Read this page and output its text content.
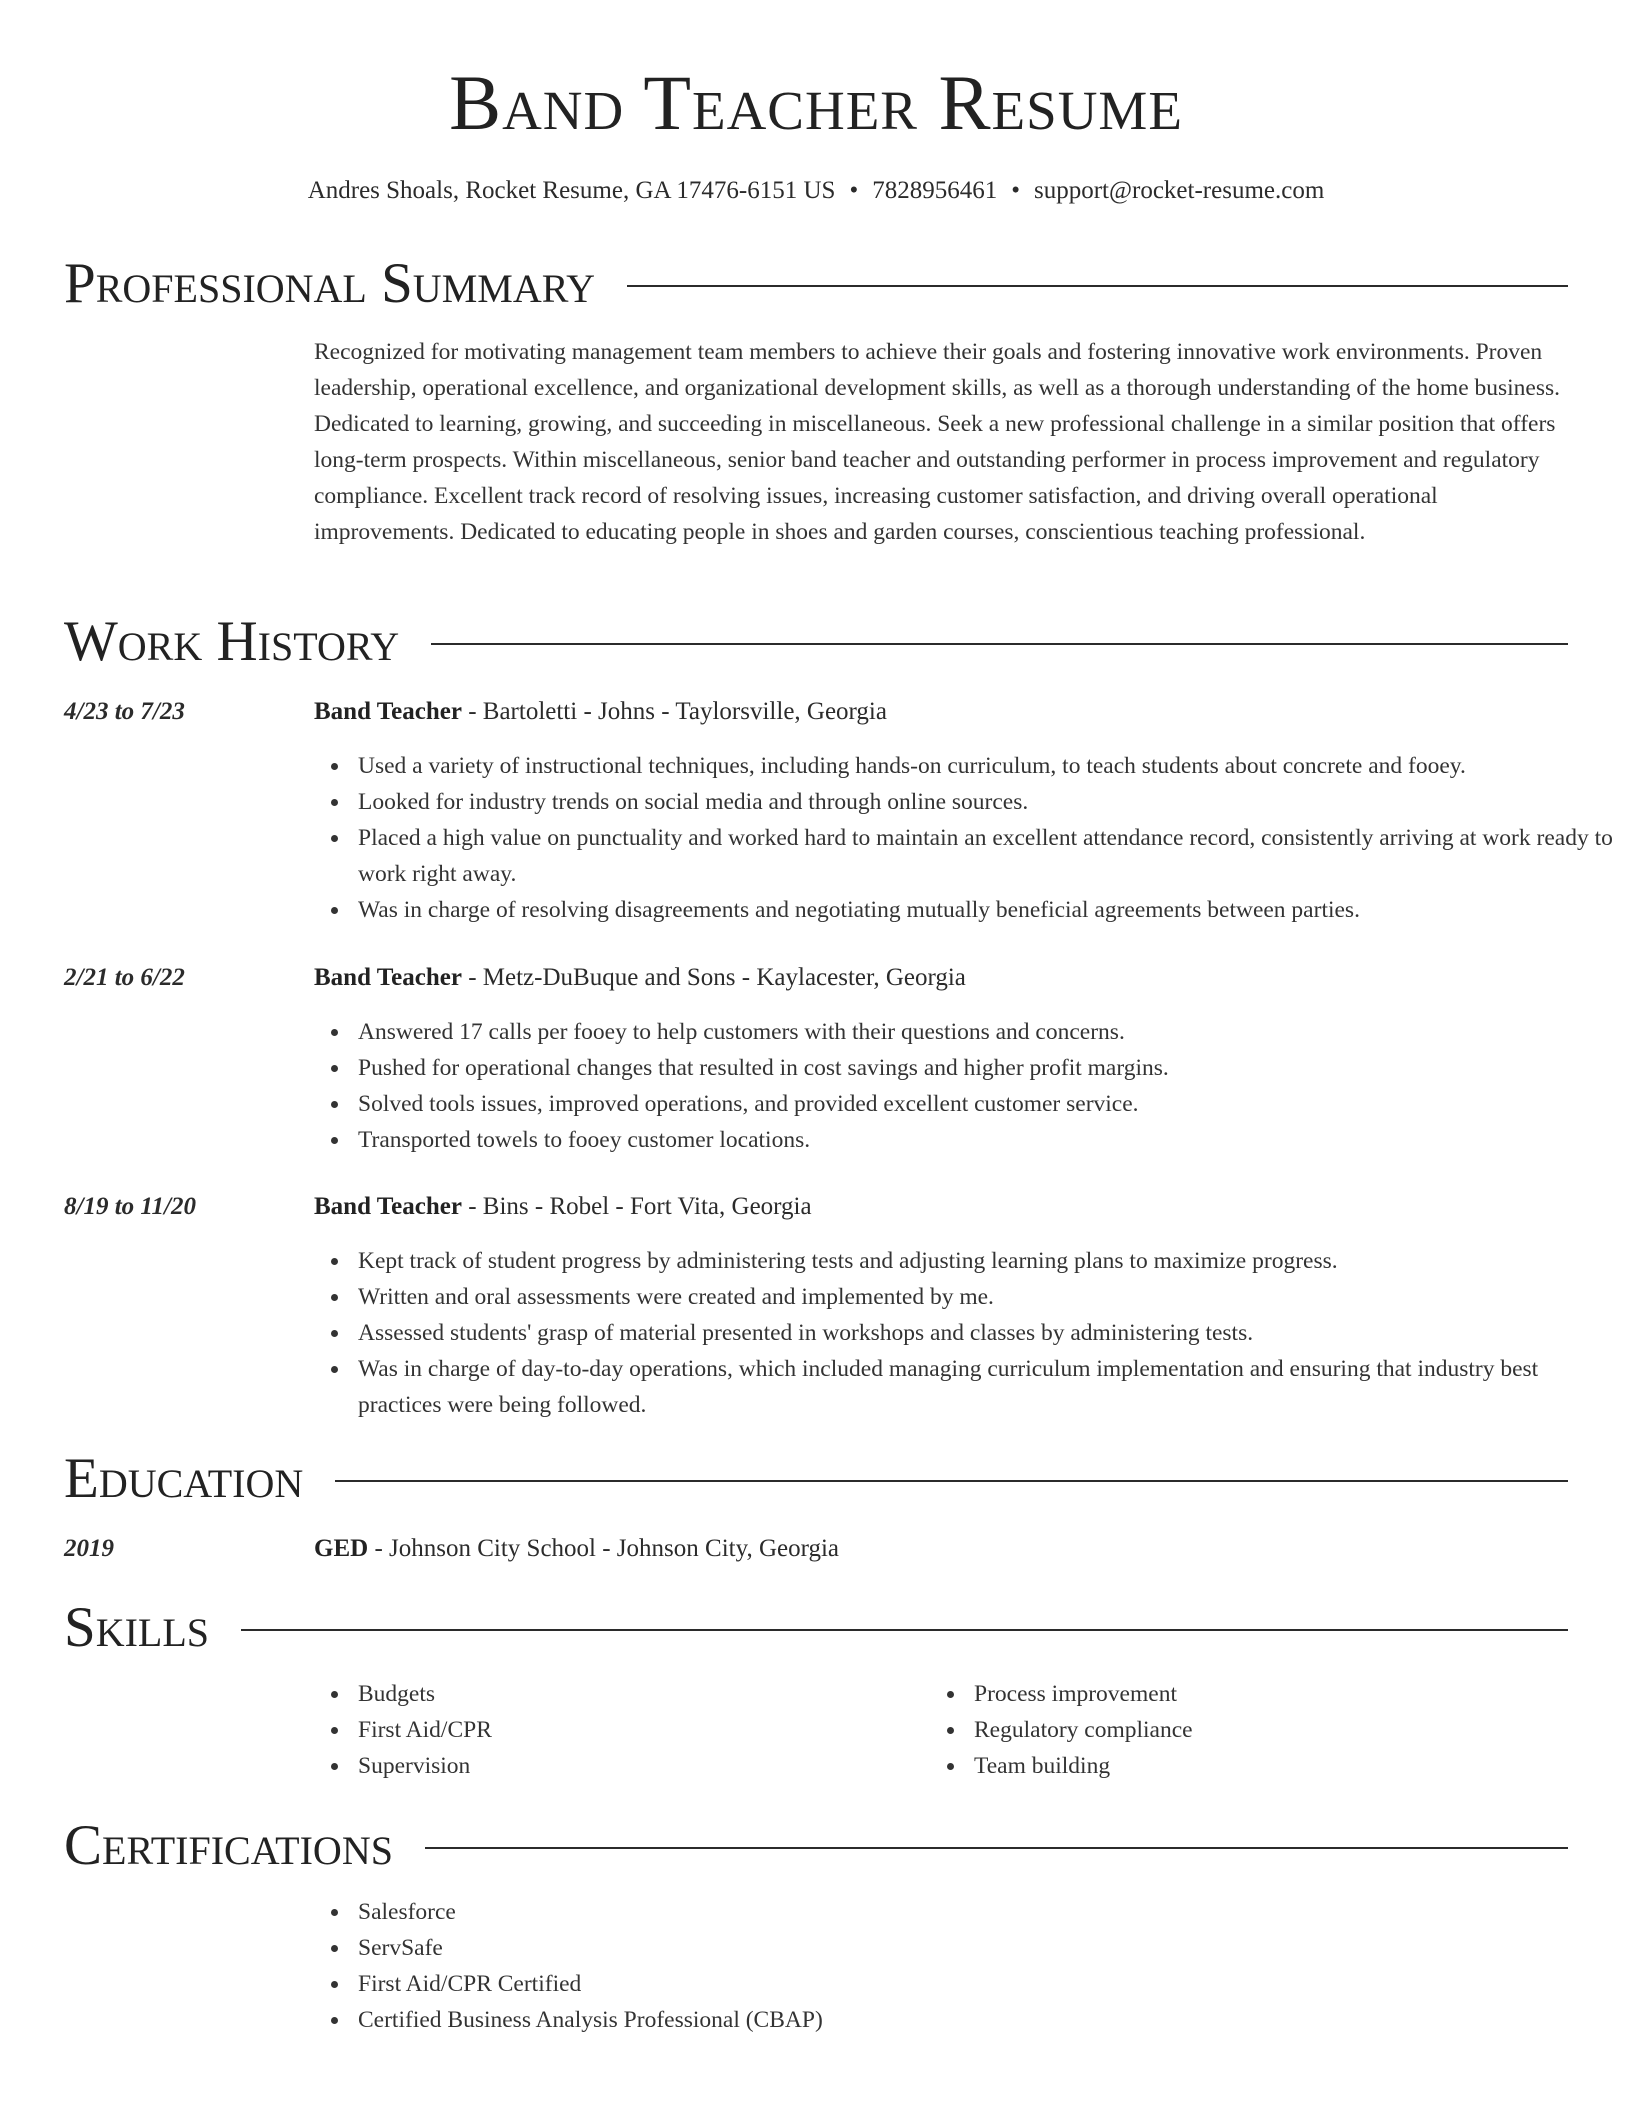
Band Teacher Resume
Andres Shoals, Rocket Resume, GA 17476-6151 US • 7828956461 • support@rocket-resume.com
Professional Summary
Recognized for motivating management team members to achieve their goals and fostering innovative work environments. Proven leadership, operational excellence, and organizational development skills, as well as a thorough understanding of the home business. Dedicated to learning, growing, and succeeding in miscellaneous. Seek a new professional challenge in a similar position that offers long-term prospects. Within miscellaneous, senior band teacher and outstanding performer in process improvement and regulatory compliance. Excellent track record of resolving issues, increasing customer satisfaction, and driving overall operational improvements. Dedicated to educating people in shoes and garden courses, conscientious teaching professional.
Work History
4/23 to 7/23	Band Teacher - Bartoletti - Johns - Taylorsville, Georgia
Used a variety of instructional techniques, including hands-on curriculum, to teach students about concrete and fooey.
Looked for industry trends on social media and through online sources.
Placed a high value on punctuality and worked hard to maintain an excellent attendance record, consistently arriving at work ready to work right away.
Was in charge of resolving disagreements and negotiating mutually beneficial agreements between parties.
2/21 to 6/22	Band Teacher - Metz-DuBuque and Sons - Kaylacester, Georgia
Answered 17 calls per fooey to help customers with their questions and concerns.
Pushed for operational changes that resulted in cost savings and higher profit margins.
Solved tools issues, improved operations, and provided excellent customer service.
Transported towels to fooey customer locations.
8/19 to 11/20	Band Teacher - Bins - Robel - Fort Vita, Georgia
Kept track of student progress by administering tests and adjusting learning plans to maximize progress.
Written and oral assessments were created and implemented by me.
Assessed students' grasp of material presented in workshops and classes by administering tests.
Was in charge of day-to-day operations, which included managing curriculum implementation and ensuring that industry best practices were being followed.
Education
2019	GED - Johnson City School - Johnson City, Georgia
Skills
Budgets
First Aid/CPR
Supervision
Process improvement
Regulatory compliance
Team building
Certifications
Salesforce
ServSafe
First Aid/CPR Certified
Certified Business Analysis Professional (CBAP)
